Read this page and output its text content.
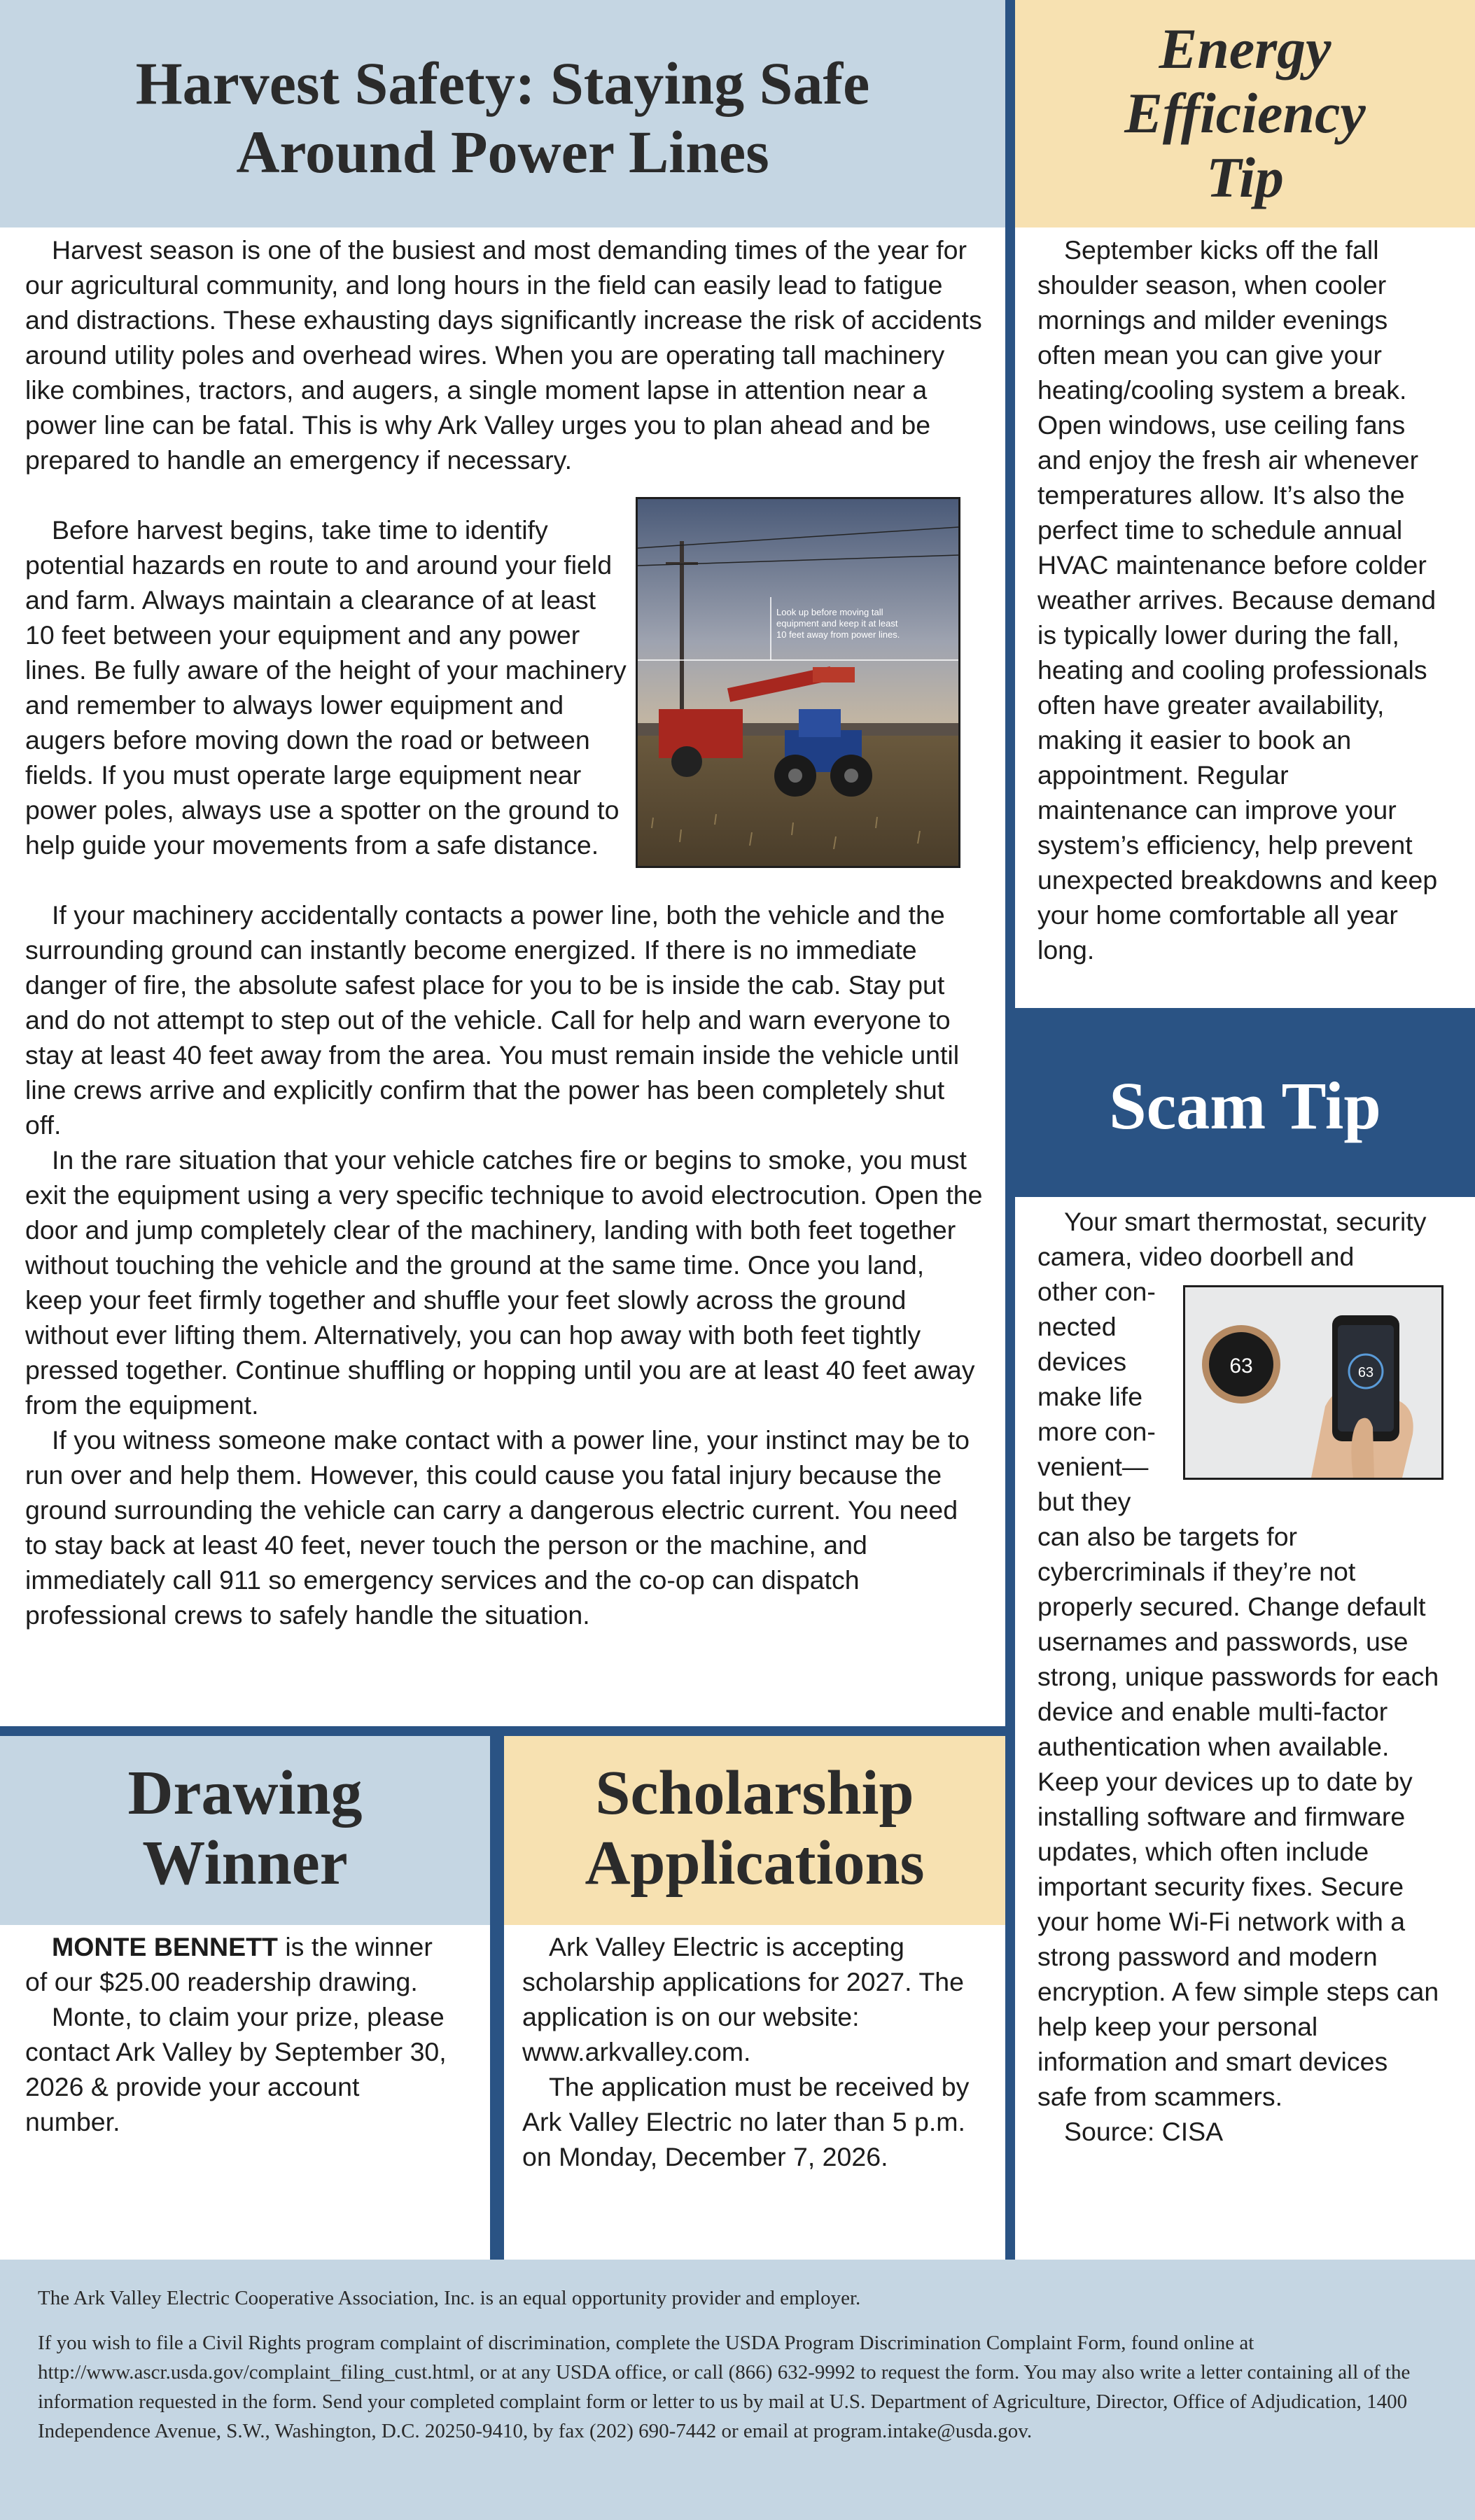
Harvest Safety: Staying Safe
Around Power Lines

Harvest season is one of the busiest and most demanding times of the year for our agricultural community, and long hours in the field can easily lead to fatigue and distractions. These exhausting days significantly increase the risk of accidents around utility poles and overhead wires. When you are operating tall machinery like combines, tractors, and augers, a single moment lapse in attention near a power line can be fatal. This is why Ark Valley urges you to plan ahead and be prepared to handle an emergency if necessary.

Before harvest begins, take time to identify potential hazards en route to and around your field and farm. Always maintain a clearance of at least 10 feet between your equipment and any power lines. Be fully aware of the height of your machinery and remember to always lower equipment and augers before moving down the road or between fields. If you must operate large equipment near power poles, always use a spotter on the ground to help guide your movements from a safe distance.

Look up before moving tall equipment and keep it at least 10 feet away from power lines.

If your machinery accidentally contacts a power line, both the vehicle and the surrounding ground can instantly become energized. If there is no immediate danger of fire, the absolute safest place for you to be is inside the cab. Stay put and do not attempt to step out of the vehicle. Call for help and warn everyone to stay at least 40 feet away from the area. You must remain inside the vehicle until line crews arrive and explicitly confirm that the power has been completely shut off.

In the rare situation that your vehicle catches fire or begins to smoke, you must exit the equipment using a very specific technique to avoid electrocution. Open the door and jump completely clear of the machinery, landing with both feet together without touching the vehicle and the ground at the same time. Once you land, keep your feet firmly together and shuffle your feet slowly across the ground without ever lifting them. Alternatively, you can hop away with both feet tightly pressed together. Continue shuffling or hopping until you are at least 40 feet away from the equipment.

If you witness someone make contact with a power line, your instinct may be to run over and help them. However, this could cause you fatal injury because the ground surrounding the vehicle can carry a dangerous electric current. You need to stay back at least 40 feet, never touch the person or the machine, and immediately call 911 so emergency services and the co-op can dispatch professional crews to safely handle the situation.

Energy
Efficiency
Tip

September kicks off the fall shoulder season, when cooler mornings and milder evenings often mean you can give your heating/cooling system a break. Open windows, use ceiling fans and enjoy the fresh air whenever temperatures allow. It’s also the perfect time to schedule annual HVAC maintenance before colder weather arrives. Because demand is typically lower during the fall, heating and cooling professionals often have greater availability, making it easier to book an appointment. Regular maintenance can improve your system’s efficiency, help prevent unexpected breakdowns and keep your home comfortable all year long.

Scam Tip

Your smart thermostat, security camera, video doorbell and

other con-
nected
devices
make life
more con-
venient—
but they
63	63

can also be targets for cybercriminals if they’re not properly secured. Change default usernames and passwords, use strong, unique passwords for each device and enable multi-factor authentication when available. Keep your devices up to date by installing software and firmware updates, which often include important security fixes. Secure your home Wi-Fi network with a strong password and modern encryption. A few simple steps can help keep your personal information and smart devices safe from scammers.

Source: CISA

Drawing
Winner

MONTE BENNETT is the winner of our $25.00 readership drawing.

Monte, to claim your prize, please contact Ark Valley by September 30, 2026 & provide your account number.

Scholarship
Applications

Ark Valley Electric is accepting scholarship applications for 2027. The application is on our website: www.arkvalley.com.

The application must be received by Ark Valley Electric no later than 5 p.m. on Monday, December 7, 2026.

The Ark Valley Electric Cooperative Association, Inc. is an equal opportunity provider and employer.

If you wish to file a Civil Rights program complaint of discrimination, complete the USDA Program Discrimination Complaint Form, found online at http://www.ascr.usda.gov/complaint_filing_cust.html, or at any USDA office, or call (866) 632-9992 to request the form. You may also write a letter containing all of the information requested in the form. Send your completed complaint form or letter to us by mail at U.S. Department of Agriculture, Director, Office of Adjudication, 1400 Independence Avenue, S.W., Washington, D.C. 20250-9410, by fax (202) 690-7442 or email at program.intake@usda.gov.
